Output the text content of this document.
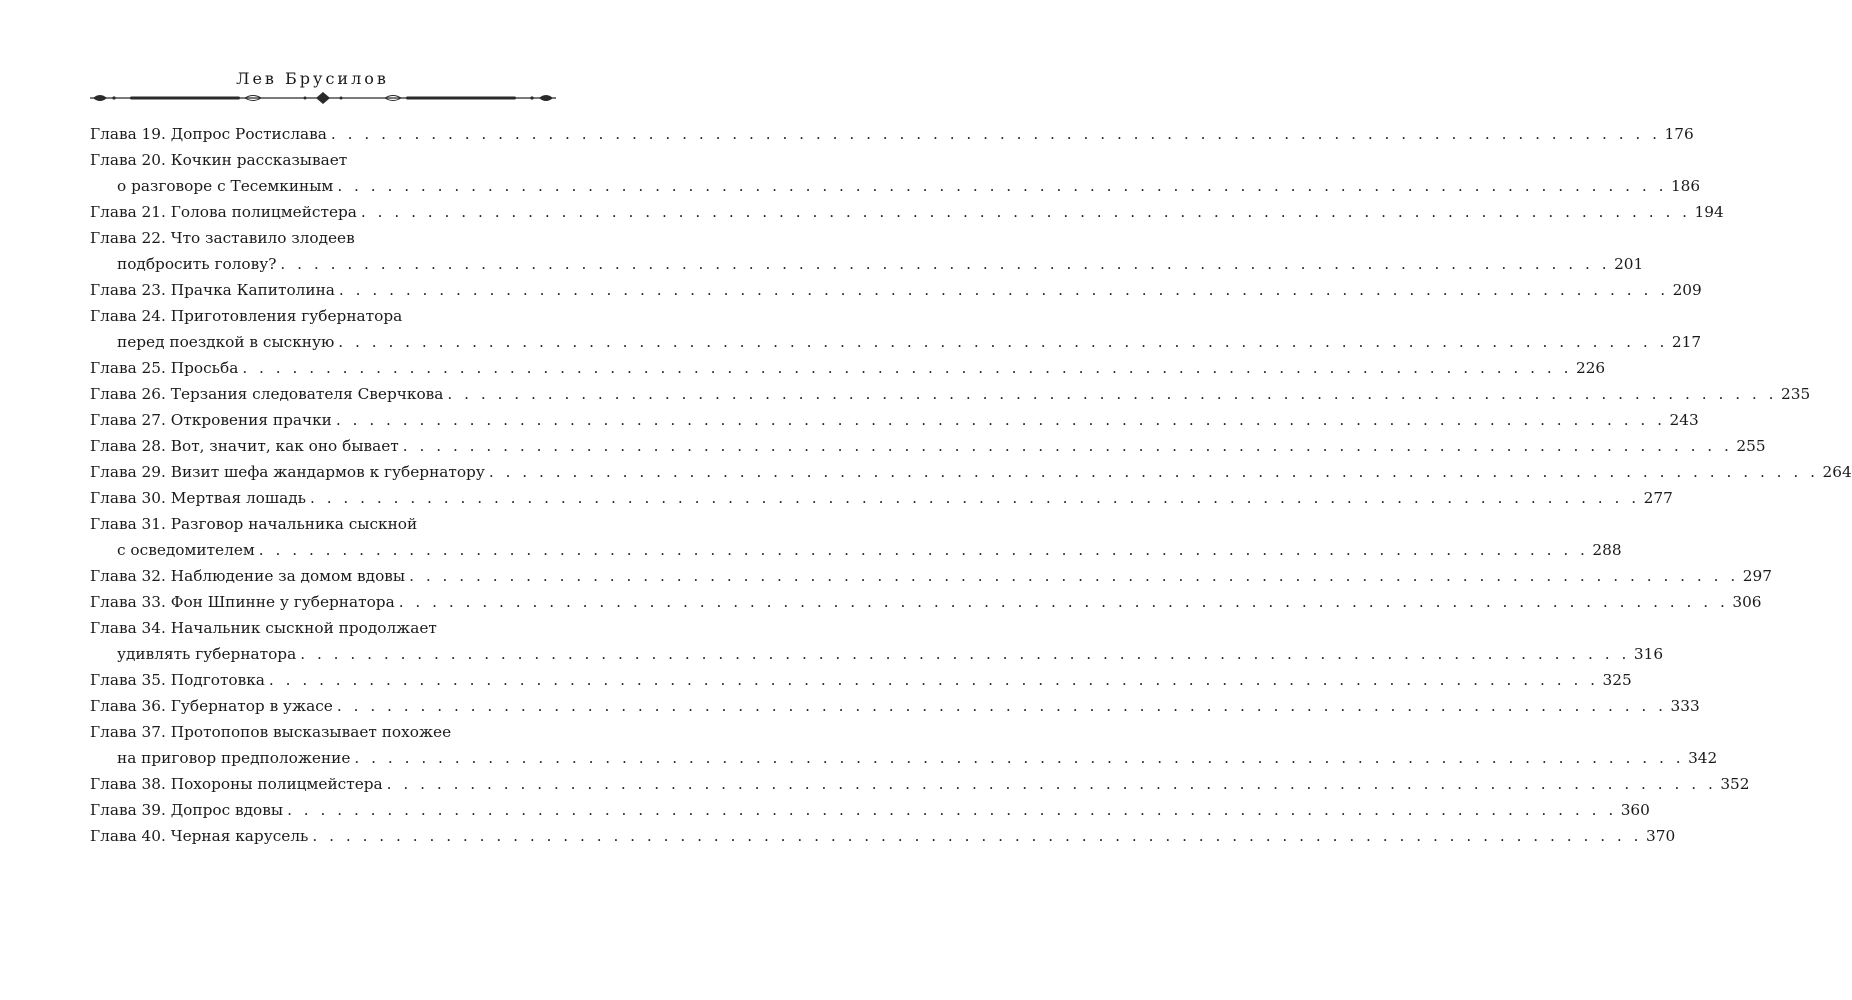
Лев Брусилов
Глава 19. Допрос Ростислава . . . . . . . . . . . . . . . . . . . . . . . . . . . . . . . . . . . . . . . . . . . . . . . . . . . . . . . . . . . . . . . . . . . . . . . . . . . . . . . . 176
Глава 20. Кочкин рассказывает
о разговоре с Тесемкиным . . . . . . . . . . . . . . . . . . . . . . . . . . . . . . . . . . . . . . . . . . . . . . . . . . . . . . . . . . . . . . . . . . . . . . . . . . . . . . . . 186
Глава 21. Голова полицмейстера . . . . . . . . . . . . . . . . . . . . . . . . . . . . . . . . . . . . . . . . . . . . . . . . . . . . . . . . . . . . . . . . . . . . . . . . . . . . . . . . 194
Глава 22. Что заставило злодеев
подбросить голову? . . . . . . . . . . . . . . . . . . . . . . . . . . . . . . . . . . . . . . . . . . . . . . . . . . . . . . . . . . . . . . . . . . . . . . . . . . . . . . . . 201
Глава 23. Прачка Капитолина . . . . . . . . . . . . . . . . . . . . . . . . . . . . . . . . . . . . . . . . . . . . . . . . . . . . . . . . . . . . . . . . . . . . . . . . . . . . . . . . 209
Глава 24. Приготовления губернатора
перед поездкой в сыскную . . . . . . . . . . . . . . . . . . . . . . . . . . . . . . . . . . . . . . . . . . . . . . . . . . . . . . . . . . . . . . . . . . . . . . . . . . . . . . . . 217
Глава 25. Просьба . . . . . . . . . . . . . . . . . . . . . . . . . . . . . . . . . . . . . . . . . . . . . . . . . . . . . . . . . . . . . . . . . . . . . . . . . . . . . . . . 226
Глава 26. Терзания следователя Сверчкова . . . . . . . . . . . . . . . . . . . . . . . . . . . . . . . . . . . . . . . . . . . . . . . . . . . . . . . . . . . . . . . . . . . . . . . . . . . . . . . . 235
Глава 27. Откровения прачки . . . . . . . . . . . . . . . . . . . . . . . . . . . . . . . . . . . . . . . . . . . . . . . . . . . . . . . . . . . . . . . . . . . . . . . . . . . . . . . . 243
Глава 28. Вот, значит, как оно бывает . . . . . . . . . . . . . . . . . . . . . . . . . . . . . . . . . . . . . . . . . . . . . . . . . . . . . . . . . . . . . . . . . . . . . . . . . . . . . . . . 255
Глава 29. Визит шефа жандармов к губернатору . . . . . . . . . . . . . . . . . . . . . . . . . . . . . . . . . . . . . . . . . . . . . . . . . . . . . . . . . . . . . . . . . . . . . . . . . . . . . . . . 264
Глава 30. Мертвая лошадь . . . . . . . . . . . . . . . . . . . . . . . . . . . . . . . . . . . . . . . . . . . . . . . . . . . . . . . . . . . . . . . . . . . . . . . . . . . . . . . . 277
Глава 31. Разговор начальника сыскной
с осведомителем . . . . . . . . . . . . . . . . . . . . . . . . . . . . . . . . . . . . . . . . . . . . . . . . . . . . . . . . . . . . . . . . . . . . . . . . . . . . . . . . 288
Глава 32. Наблюдение за домом вдовы . . . . . . . . . . . . . . . . . . . . . . . . . . . . . . . . . . . . . . . . . . . . . . . . . . . . . . . . . . . . . . . . . . . . . . . . . . . . . . . . 297
Глава 33. Фон Шпинне у губернатора . . . . . . . . . . . . . . . . . . . . . . . . . . . . . . . . . . . . . . . . . . . . . . . . . . . . . . . . . . . . . . . . . . . . . . . . . . . . . . . . 306
Глава 34. Начальник сыскной продолжает
удивлять губернатора . . . . . . . . . . . . . . . . . . . . . . . . . . . . . . . . . . . . . . . . . . . . . . . . . . . . . . . . . . . . . . . . . . . . . . . . . . . . . . . . 316
Глава 35. Подготовка . . . . . . . . . . . . . . . . . . . . . . . . . . . . . . . . . . . . . . . . . . . . . . . . . . . . . . . . . . . . . . . . . . . . . . . . . . . . . . . . 325
Глава 36. Губернатор в ужасе . . . . . . . . . . . . . . . . . . . . . . . . . . . . . . . . . . . . . . . . . . . . . . . . . . . . . . . . . . . . . . . . . . . . . . . . . . . . . . . . 333
Глава 37. Протопопов высказывает похожее
на приговор предположение . . . . . . . . . . . . . . . . . . . . . . . . . . . . . . . . . . . . . . . . . . . . . . . . . . . . . . . . . . . . . . . . . . . . . . . . . . . . . . . . 342
Глава 38. Похороны полицмейстера . . . . . . . . . . . . . . . . . . . . . . . . . . . . . . . . . . . . . . . . . . . . . . . . . . . . . . . . . . . . . . . . . . . . . . . . . . . . . . . . 352
Глава 39. Допрос вдовы . . . . . . . . . . . . . . . . . . . . . . . . . . . . . . . . . . . . . . . . . . . . . . . . . . . . . . . . . . . . . . . . . . . . . . . . . . . . . . . . 360
Глава 40. Черная карусель . . . . . . . . . . . . . . . . . . . . . . . . . . . . . . . . . . . . . . . . . . . . . . . . . . . . . . . . . . . . . . . . . . . . . . . . . . . . . . . . 370
